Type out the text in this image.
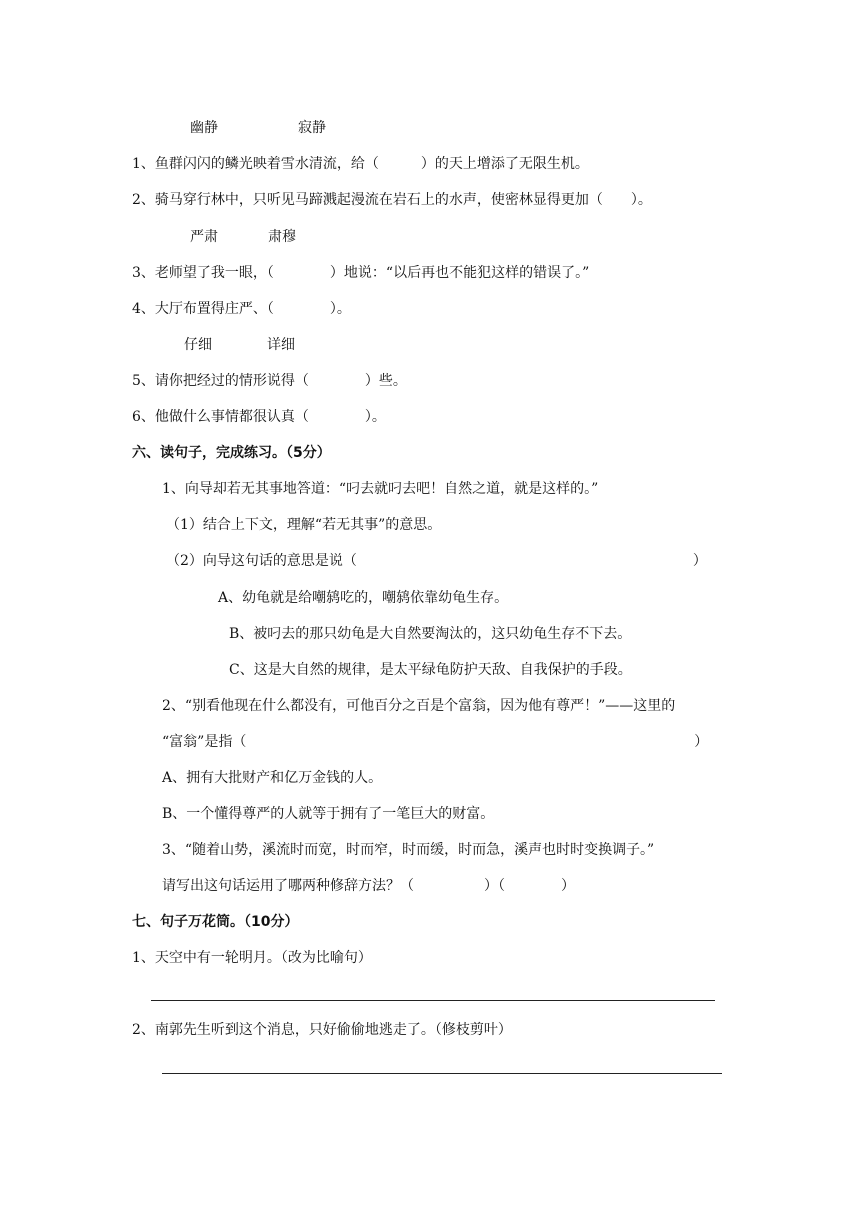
幽静	寂静
1、鱼群闪闪的鳞光映着雪水清流，给（　　　）的天上增添了无限生机。
2、骑马穿行林中，只听见马蹄溅起漫流在岩石上的水声，使密林显得更加（　　）。
严肃	肃穆
3、老师望了我一眼，（　　　　）地说：“以后再也不能犯这样的错误了。”
4、大厅布置得庄严、（　　　　）。
仔细	详细
5、请你把经过的情形说得（　　　　）些。
6、他做什么事情都很认真（　　　　）。
六、读句子，完成练习。（5分）
1、向导却若无其事地答道：“叼去就叼去吧！自然之道，就是这样的。”
（1）结合上下文，理解“若无其事”的意思。
（2）向导这句话的意思是说（　　　　　　　　　　　　　　　　　　　　　　　　）
A、幼龟就是给嘲鸫吃的，嘲鸫依靠幼龟生存。
B、被叼去的那只幼龟是大自然要淘汰的，这只幼龟生存不下去。
C、这是大自然的规律，是太平绿龟防护天敌、自我保护的手段。
2、“别看他现在什么都没有，可他百分之百是个富翁，因为他有尊严！”——这里的
“富翁”是指（　　　　　　　　　　　　　　　　　　　　　　　　　　　　　　　　）
A、拥有大批财产和亿万金钱的人。
B、一个懂得尊严的人就等于拥有了一笔巨大的财富。
3、“随着山势，溪流时而宽，时而窄，时而缓，时而急，溪声也时时变换调子。”
请写出这句话运用了哪两种修辞方法？（　　　　　）（　　　　）
七、句子万花筒。（10分）
1、天空中有一轮明月。（改为比喻句）
2、南郭先生听到这个消息，只好偷偷地逃走了。（修枝剪叶）
